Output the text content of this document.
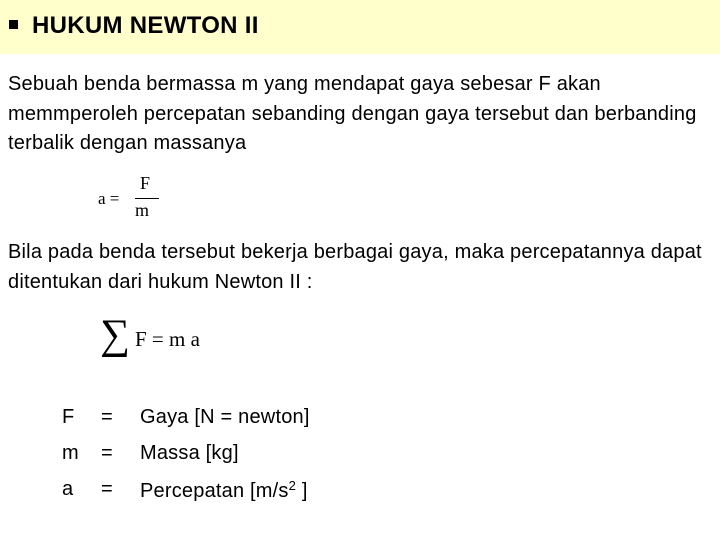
HUKUM NEWTON II
Sebuah benda bermassa m yang mendapat gaya sebesar F akan memmperoleh percepatan sebanding dengan gaya tersebut dan berbanding terbalik dengan massanya
a =
F
m
Bila pada benda tersebut bekerja berbagai gaya, maka percepatannya dapat ditentukan dari hukum Newton II :
∑ F = m a
F = Gaya [N = newton]
m = Massa [kg]
a = Percepatan [$m/s^2$ ]
